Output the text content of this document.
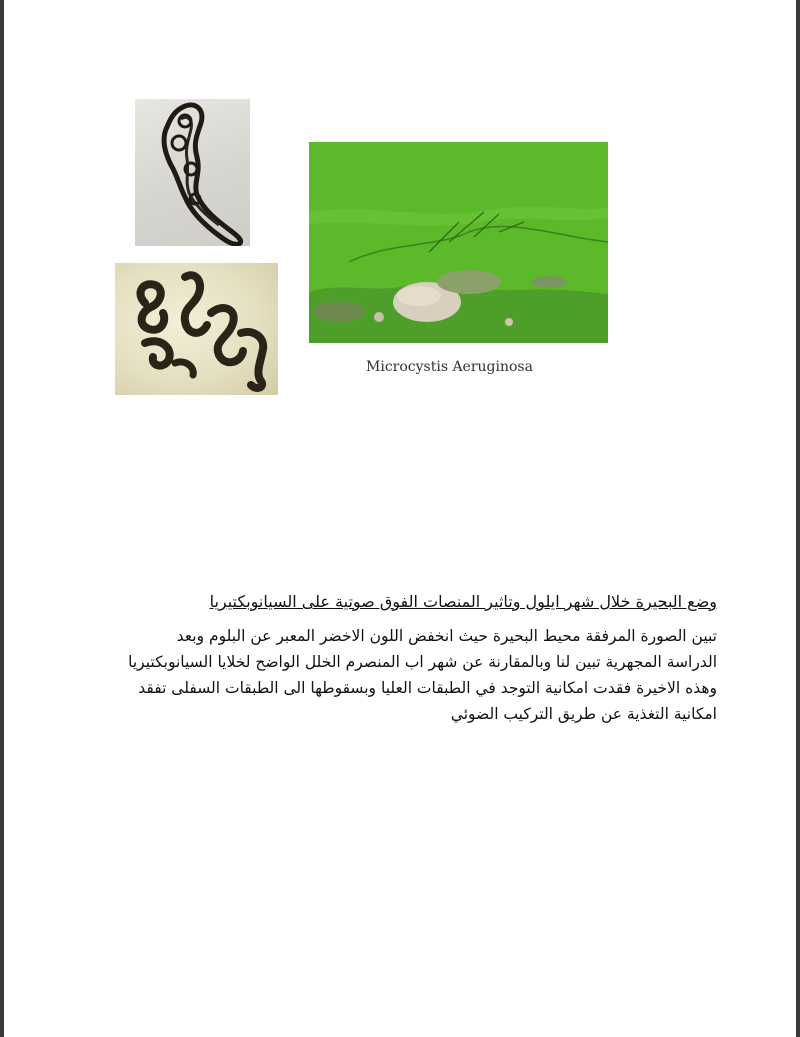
Microcystis Aeruginosa
وضع البحيرة خلال شهر ايلول وتاثير المنصات الفوق صوتية على السيانوبكتيريا

تبين الصورة المرفقة محيط البحيرة حيث انخفض اللون الاخضر المعبر عن البلوم وبعد الدراسة المجهرية تبين لنا وبالمقارنة عن شهر اب المنصرم الخلل الواضح لخلايا السيانوبكتيريا وهذه الاخيرة فقدت امكانية التوجد في الطبقات العليا وبسقوطها الى الطبقات السفلى تفقد امكانية التغذية عن طريق التركيب الضوئي
